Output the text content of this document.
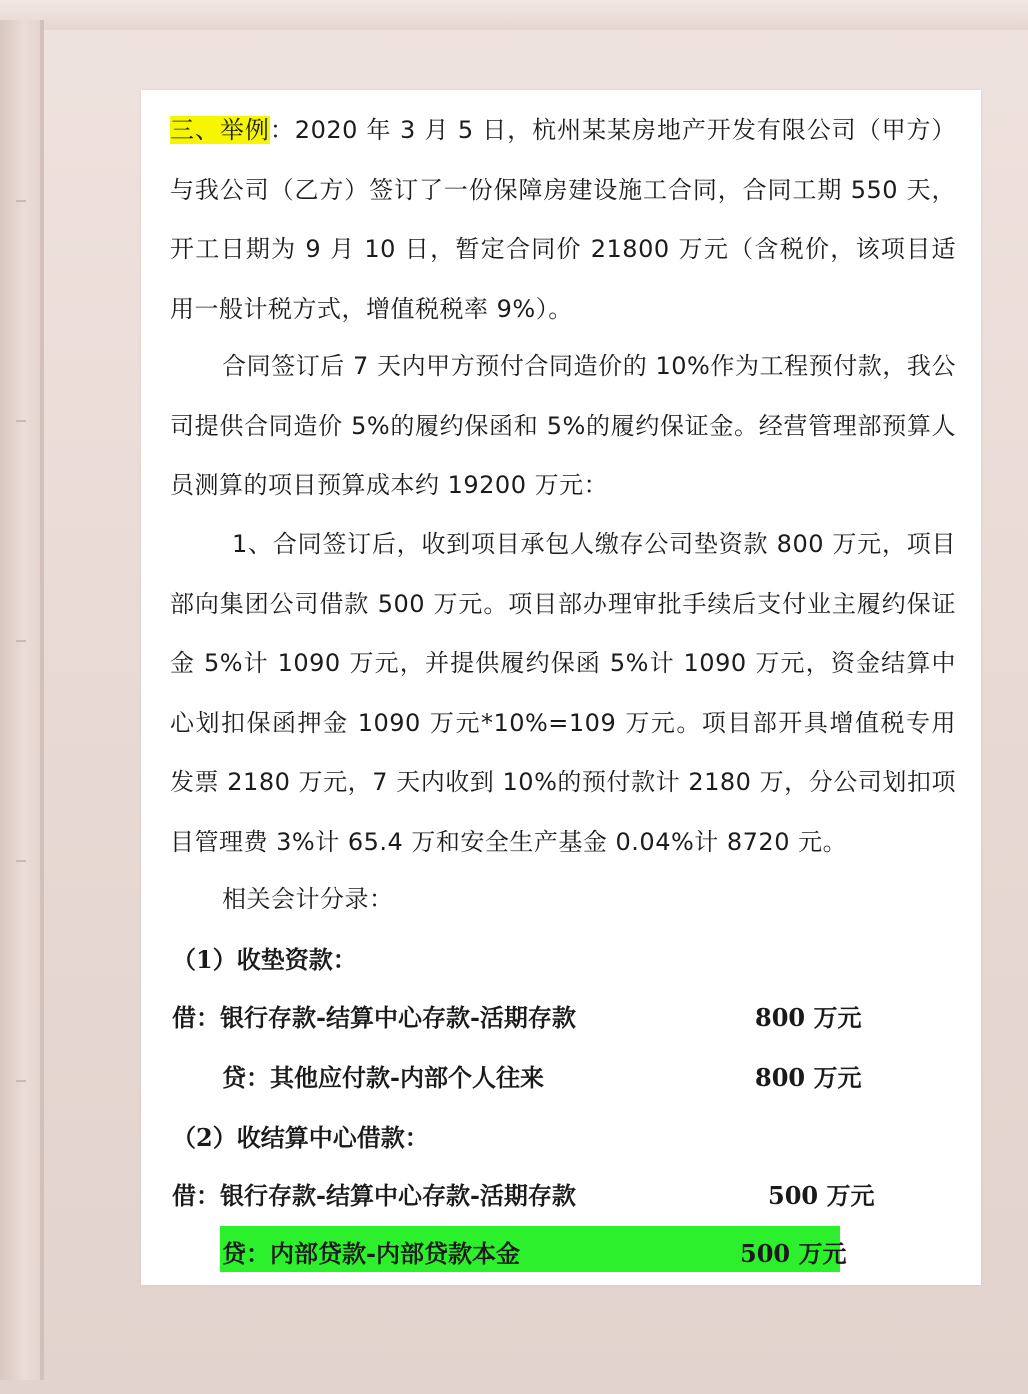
三、举例：2020 年 3 月 5 日，杭州某某房地产开发有限公司（甲方）与我公司（乙方）签订了一份保障房建设施工合同，合同工期 550 天，开工日期为 9 月 10 日，暂定合同价 21800 万元（含税价，该项目适用一般计税方式，增值税税率 9%）。
合同签订后 7 天内甲方预付合同造价的 10%作为工程预付款，我公司提供合同造价 5%的履约保函和 5%的履约保证金。经营管理部预算人员测算的项目预算成本约 19200 万元：
1、合同签订后，收到项目承包人缴存公司垫资款 800 万元，项目部向集团公司借款 500 万元。项目部办理审批手续后支付业主履约保证金 5%计 1090 万元，并提供履约保函 5%计 1090 万元，资金结算中心划扣保函押金 1090 万元*10%=109 万元。项目部开具增值税专用发票 2180 万元，7 天内收到 10%的预付款计 2180 万，分公司划扣项目管理费 3%计 65.4 万和安全生产基金 0.04%计 8720 元。
相关会计分录：
（1）收垫资款：
借：银行存款-结算中心存款-活期存款	800 万元
贷：其他应付款-内部个人往来	800 万元
（2）收结算中心借款：
借：银行存款-结算中心存款-活期存款	500 万元
贷：内部贷款-内部贷款本金	500 万元
